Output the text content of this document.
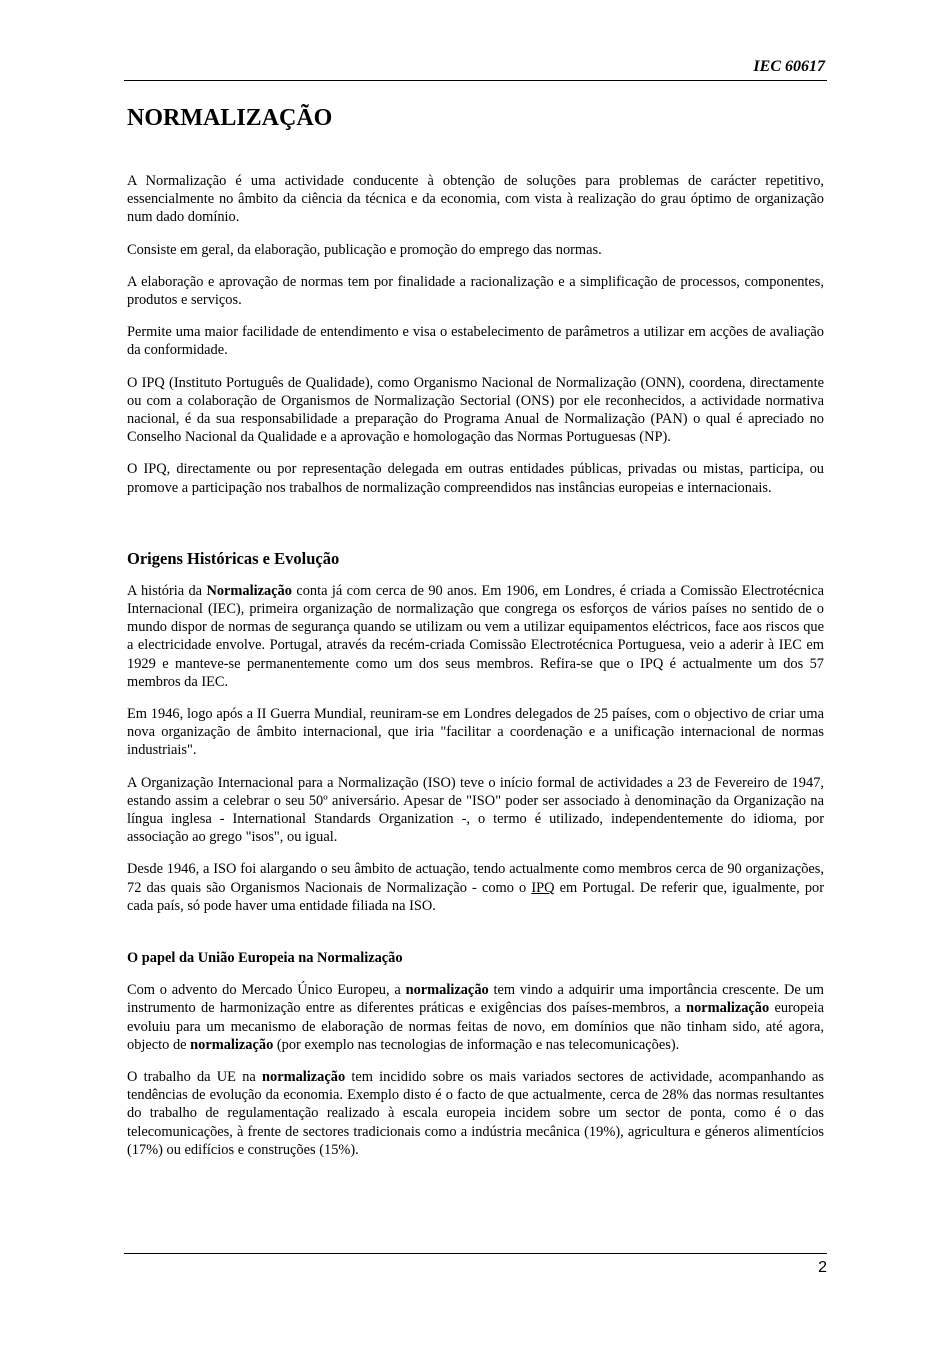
IEC 60617
NORMALIZAÇÃO

A Normalização é uma actividade conducente à obtenção de soluções para problemas de carácter repetitivo, essencialmente no âmbito da ciência da técnica e da economia, com vista à realização do grau óptimo de organização num dado domínio.

Consiste em geral, da elaboração, publicação e promoção do emprego das normas.

A elaboração e aprovação de normas tem por finalidade a racionalização e a simplificação de processos, componentes, produtos e serviços.

Permite uma maior facilidade de entendimento e visa o estabelecimento de parâmetros a utilizar em acções de avaliação da conformidade.

O IPQ (Instituto Português de Qualidade), como Organismo Nacional de Normalização (ONN), coordena, directamente ou com a colaboração de Organismos de Normalização Sectorial (ONS) por ele reconhecidos, a actividade normativa nacional, é da sua responsabilidade a preparação do Programa Anual de Normalização (PAN) o qual é apreciado no Conselho Nacional da Qualidade e a aprovação e homologação das Normas Portuguesas (NP).

O IPQ, directamente ou por representação delegada em outras entidades públicas, privadas ou mistas, participa, ou promove a participação nos trabalhos de normalização compreendidos nas instâncias europeias e internacionais.

Origens Históricas e Evolução

A história da Normalização conta já com cerca de 90 anos. Em 1906, em Londres, é criada a Comissão Electrotécnica Internacional (IEC), primeira organização de normalização que congrega os esforços de vários países no sentido de o mundo dispor de normas de segurança quando se utilizam ou vem a utilizar equipamentos eléctricos, face aos riscos que a electricidade envolve. Portugal, através da recém-criada Comissão Electrotécnica Portuguesa, veio a aderir à IEC em 1929 e manteve-se permanentemente como um dos seus membros. Refira-se que o IPQ é actualmente um dos 57 membros da IEC.

Em 1946, logo após a II Guerra Mundial, reuniram-se em Londres delegados de 25 países, com o objectivo de criar uma nova organização de âmbito internacional, que iria "facilitar a coordenação e a unificação internacional de normas industriais".

A Organização Internacional para a Normalização (ISO) teve o início formal de actividades a 23 de Fevereiro de 1947, estando assim a celebrar o seu 50º aniversário. Apesar de "ISO" poder ser associado à denominação da Organização na língua inglesa - International Standards Organization -, o termo é utilizado, independentemente do idioma, por associação ao grego "isos", ou igual.

Desde 1946, a ISO foi alargando o seu âmbito de actuação, tendo actualmente como membros cerca de 90 organizações, 72 das quais são Organismos Nacionais de Normalização - como o IPQ em Portugal. De referir que, igualmente, por cada país, só pode haver uma entidade filiada na ISO.

O papel da União Europeia na Normalização

Com o advento do Mercado Único Europeu, a normalização tem vindo a adquirir uma importância crescente. De um instrumento de harmonização entre as diferentes práticas e exigências dos países-membros, a normalização europeia evoluiu para um mecanismo de elaboração de normas feitas de novo, em domínios que não tinham sido, até agora, objecto de normalização (por exemplo nas tecnologias de informação e nas telecomunicações).

O trabalho da UE na normalização tem incidido sobre os mais variados sectores de actividade, acompanhando as tendências de evolução da economia. Exemplo disto é o facto de que actualmente, cerca de 28% das normas resultantes do trabalho de regulamentação realizado à escala europeia incidem sobre um sector de ponta, como é o das telecomunicações, à frente de sectores tradicionais como a indústria mecânica (19%), agricultura e géneros alimentícios (17%) ou edifícios e construções (15%).

2
